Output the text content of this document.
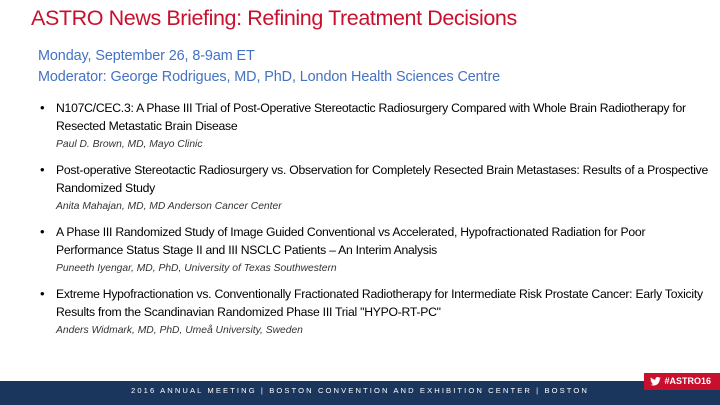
ASTRO News Briefing: Refining Treatment Decisions
Monday, September 26, 8-9am ET
Moderator: George Rodrigues, MD, PhD, London Health Sciences Centre
• N107C/CEC.3: A Phase III Trial of Post-Operative Stereotactic Radiosurgery Compared with Whole Brain Radiotherapy for Resected Metastatic Brain Disease
Paul D. Brown, MD, Mayo Clinic
• Post-operative Stereotactic Radiosurgery vs. Observation for Completely Resected Brain Metastases: Results of a Prospective Randomized Study
Anita Mahajan, MD, MD Anderson Cancer Center
• A Phase III Randomized Study of Image Guided Conventional vs Accelerated, Hypofractionated Radiation for Poor Performance Status Stage II and III NSCLC Patients – An Interim Analysis
Puneeth Iyengar, MD, PhD, University of Texas Southwestern
• Extreme Hypofractionation vs. Conventionally Fractionated Radiotherapy for Intermediate Risk Prostate Cancer: Early Toxicity Results from the Scandinavian Randomized Phase III Trial "HYPO-RT-PC"
Anders Widmark, MD, PhD, Umeå University, Sweden
2016 ANNUAL MEETING | BOSTON CONVENTION AND EXHIBITION CENTER | BOSTON
#ASTRO16
